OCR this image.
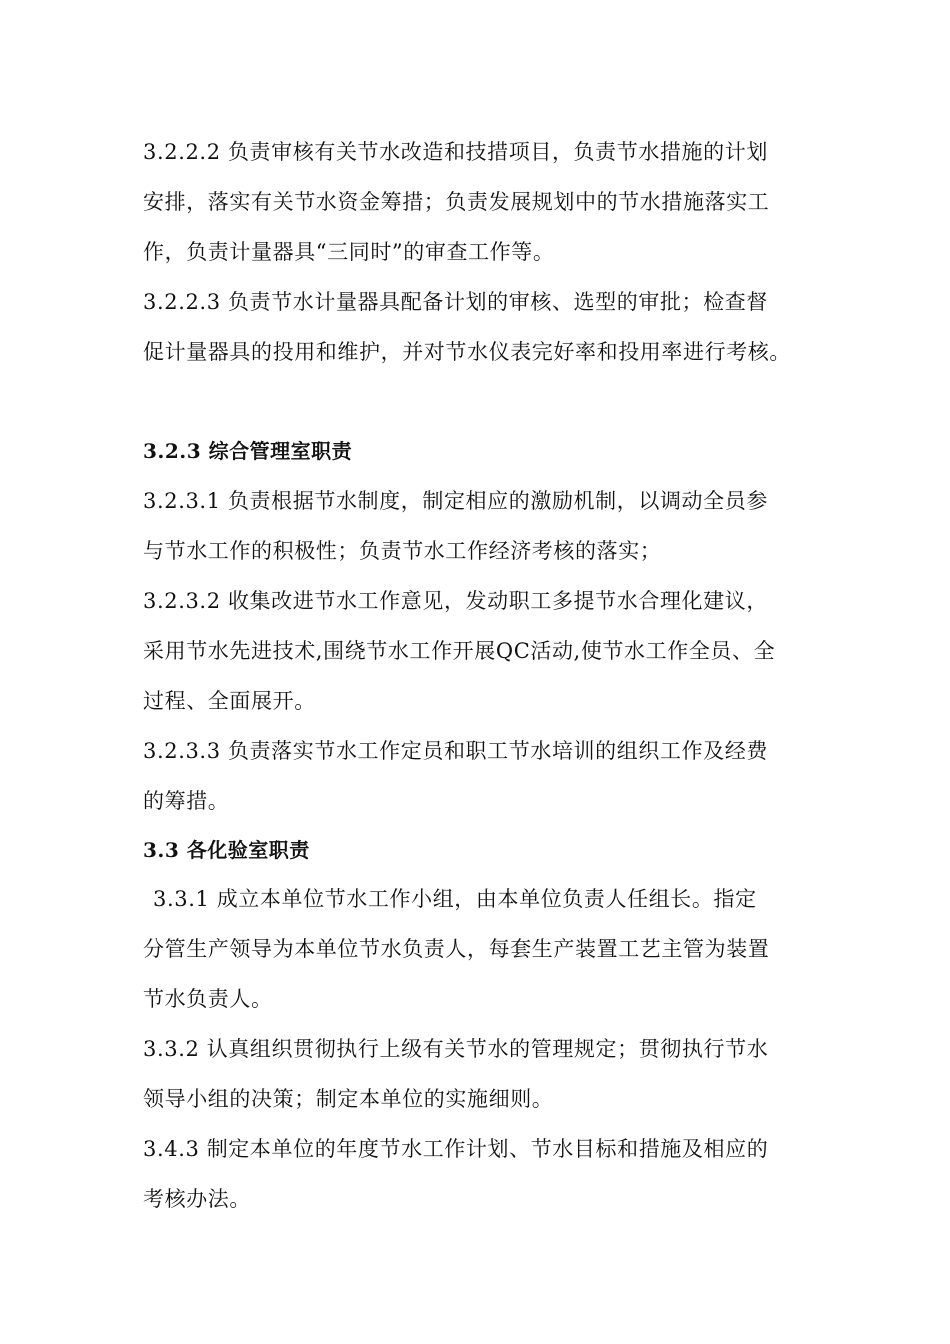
3.2.2.2 负责审核有关节水改造和技措项目，负责节水措施的计划
安排，落实有关节水资金筹措；负责发展规划中的节水措施落实工
作，负责计量器具“三同时”的审查工作等。
3.2.2.3 负责节水计量器具配备计划的审核、选型的审批；检查督
促计量器具的投用和维护，并对节水仪表完好率和投用率进行考核。
3.2.3 综合管理室职责
3.2.3.1 负责根据节水制度，制定相应的激励机制，以调动全员参
与节水工作的积极性；负责节水工作经济考核的落实；
3.2.3.2 收集改进节水工作意见，发动职工多提节水合理化建议，
采用节水先进技术,围绕节水工作开展QC活动,使节水工作全员、全
过程、全面展开。
3.2.3.3 负责落实节水工作定员和职工节水培训的组织工作及经费
的筹措。
3.3 各化验室职责
3.3.1 成立本单位节水工作小组，由本单位负责人任组长。指定
分管生产领导为本单位节水负责人，每套生产装置工艺主管为装置
节水负责人。
3.3.2 认真组织贯彻执行上级有关节水的管理规定；贯彻执行节水
领导小组的决策；制定本单位的实施细则。
3.4.3 制定本单位的年度节水工作计划、节水目标和措施及相应的
考核办法。
